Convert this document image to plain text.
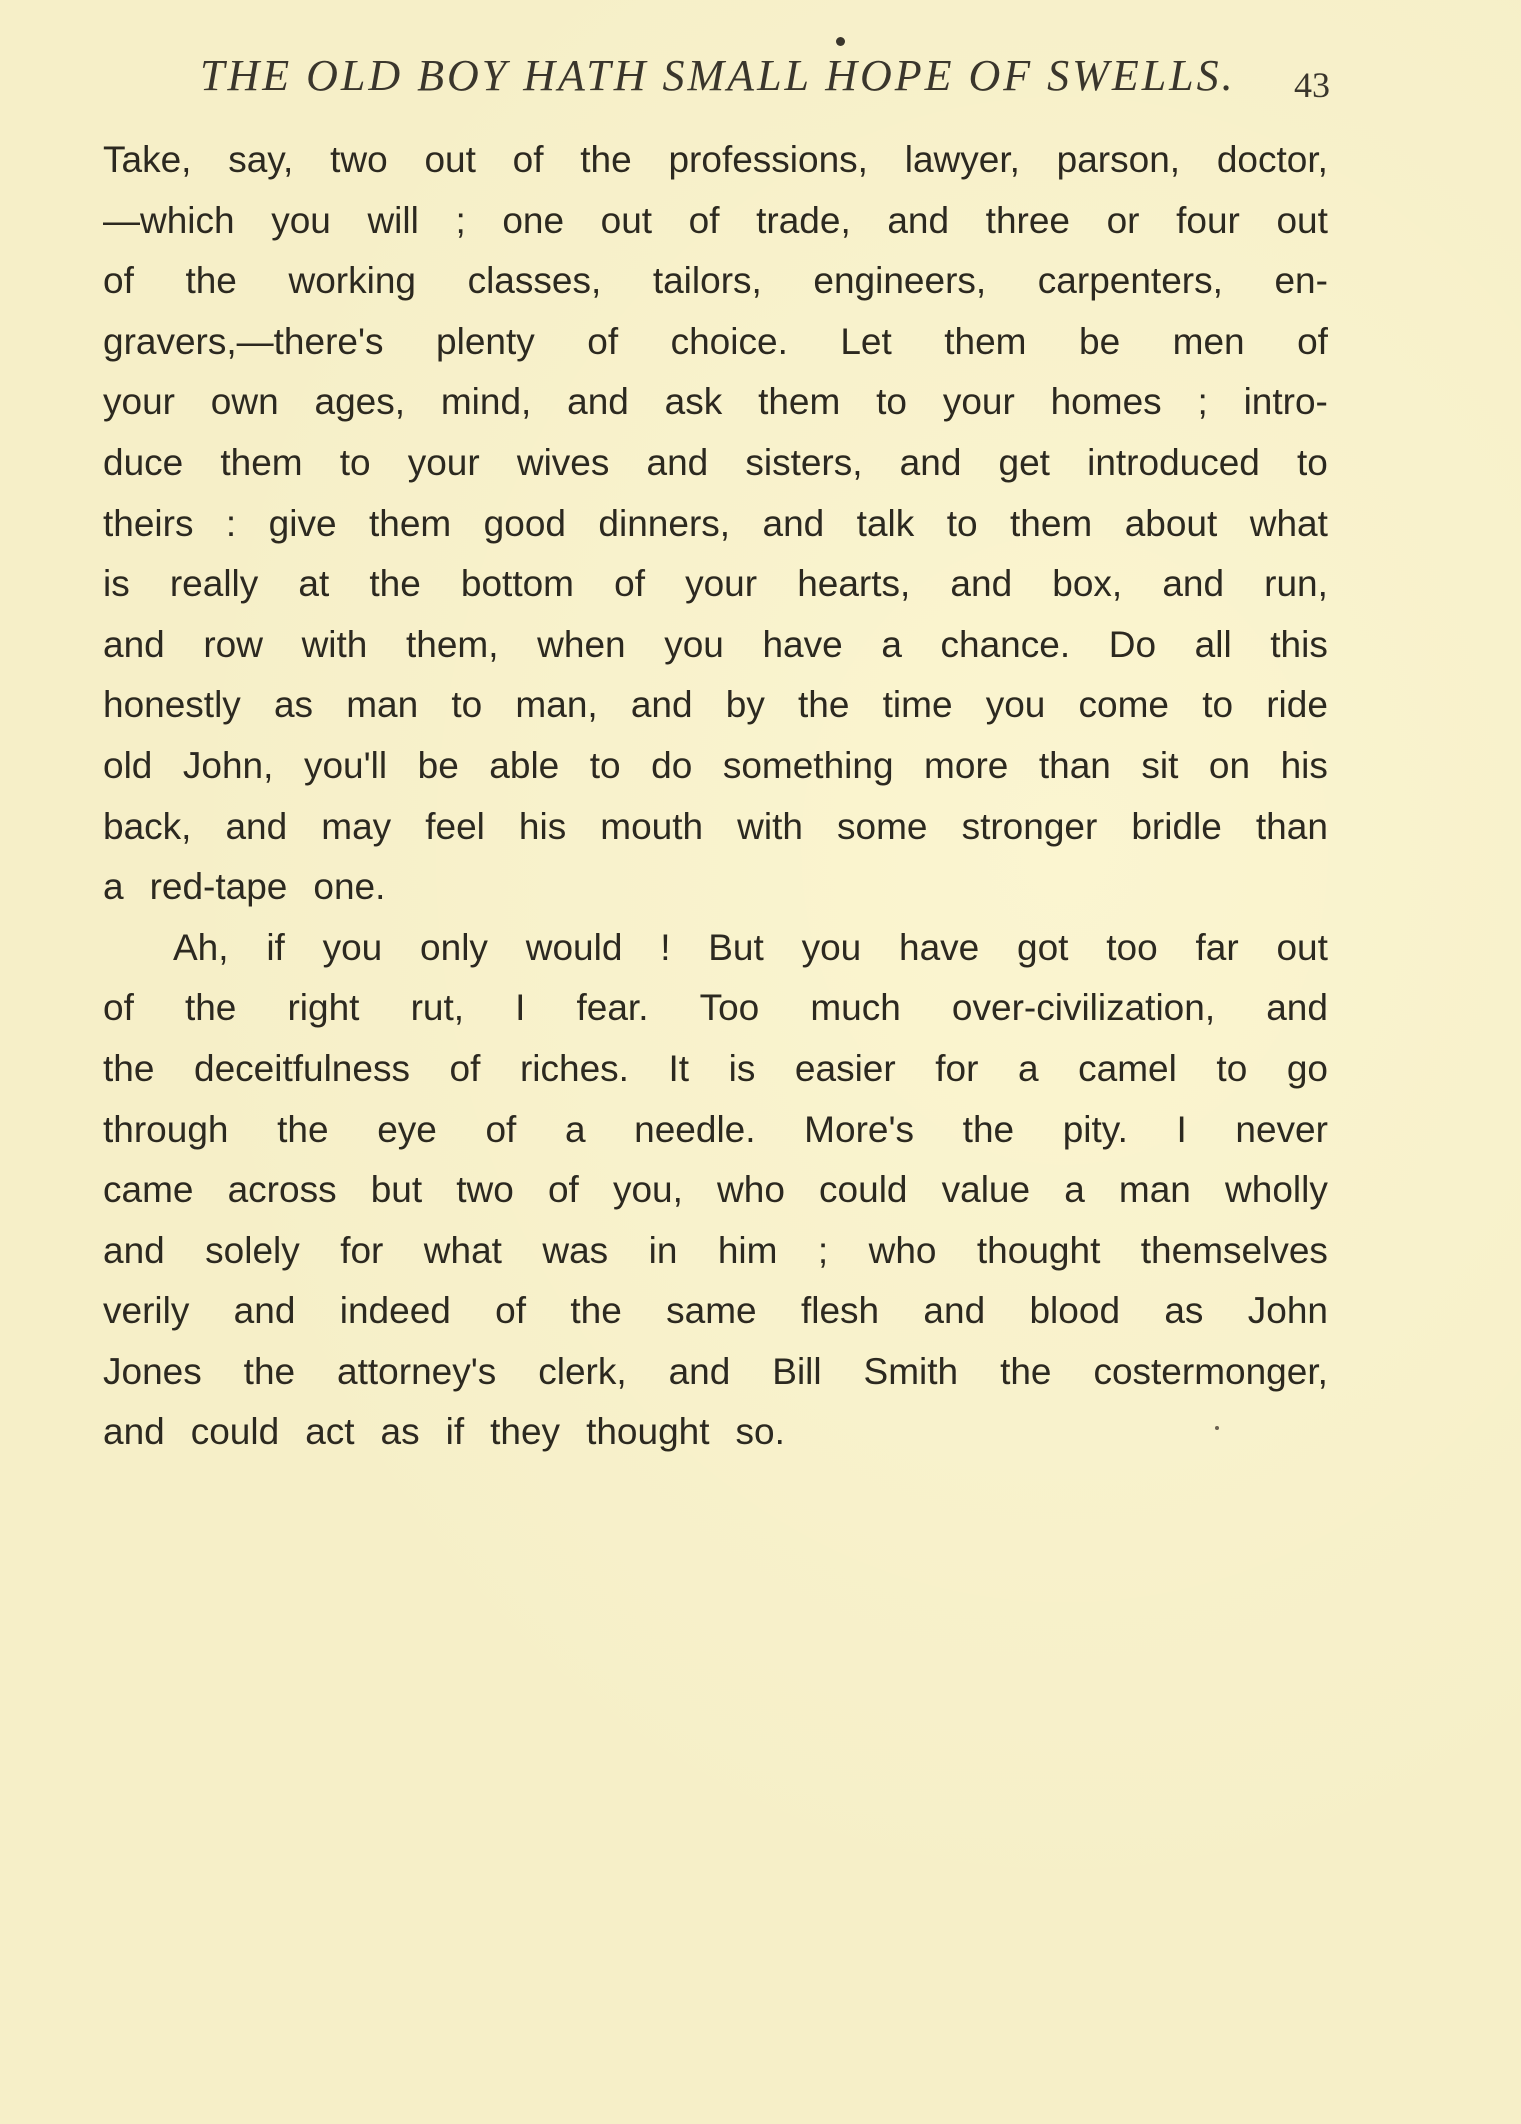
THE OLD BOY HATH SMALL HOPE OF SWELLS. 43
Take, say, two out of the professions, lawyer, parson, doctor,
—which you will ; one out of trade, and three or four out
of the working classes, tailors, engineers, carpenters, en-
gravers,—there's plenty of choice. Let them be men of
your own ages, mind, and ask them to your homes ; intro-
duce them to your wives and sisters, and get introduced to
theirs : give them good dinners, and talk to them about what
is really at the bottom of your hearts, and box, and run,
and row with them, when you have a chance. Do all this
honestly as man to man, and by the time you come to ride
old John, you'll be able to do something more than sit on his
back, and may feel his mouth with some stronger bridle than
a red-tape one.
Ah, if you only would ! But you have got too far out
of the right rut, I fear. Too much over-civilization, and
the deceitfulness of riches. It is easier for a camel to go
through the eye of a needle. More's the pity. I never
came across but two of you, who could value a man wholly
and solely for what was in him ; who thought themselves
verily and indeed of the same flesh and blood as John
Jones the attorney's clerk, and Bill Smith the costermonger,
and could act as if they thought so.
